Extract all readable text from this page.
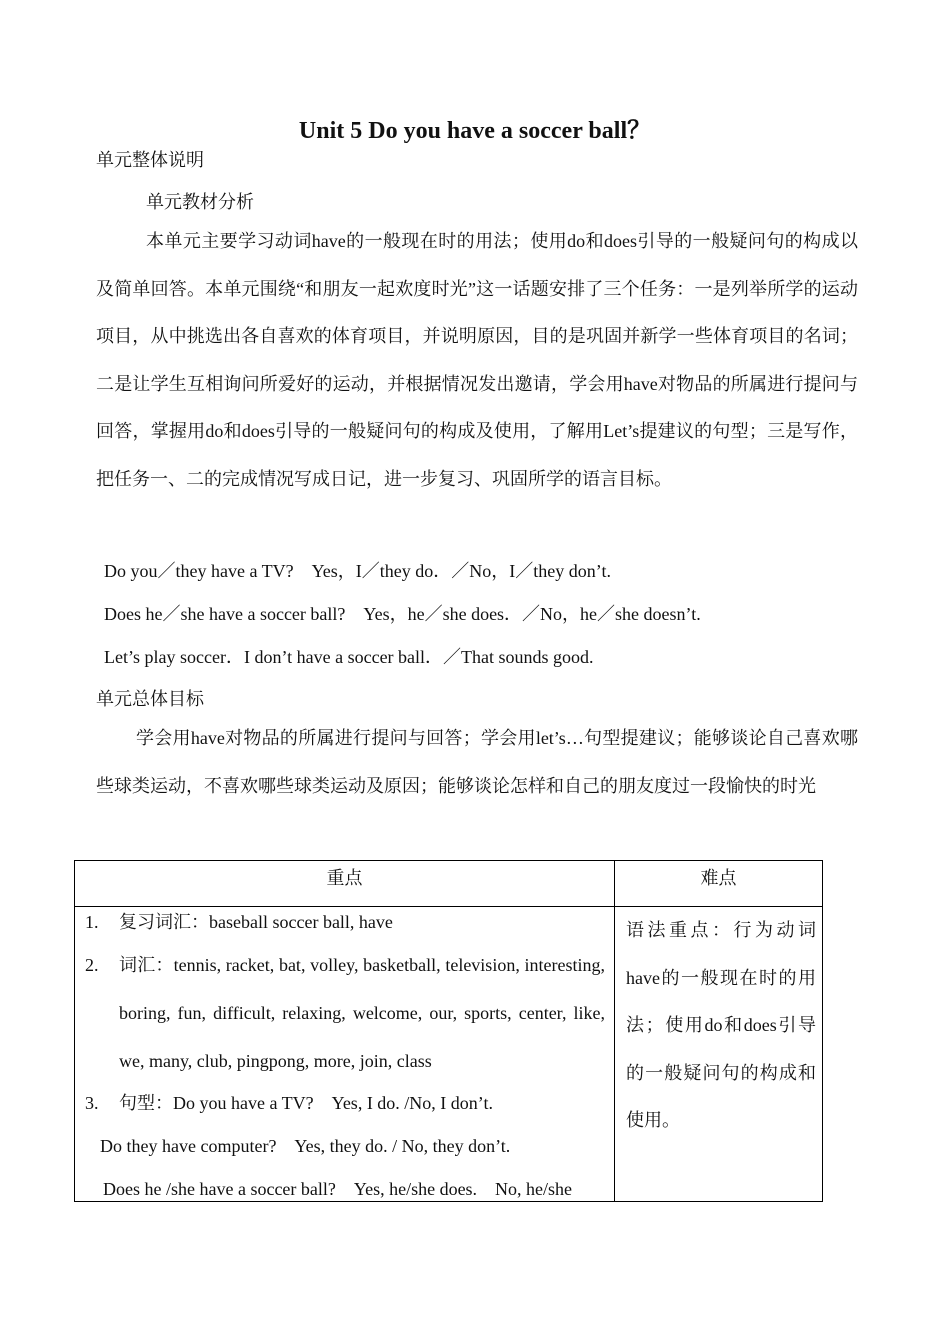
Unit 5 Do you have a soccer ball？
单元整体说明
单元教材分析
本单元主要学习动词have的一般现在时的用法；使用do和does引导的一般疑问句的构成以及简单回答。本单元围绕“和朋友一起欢度时光”这一话题安排了三个任务：一是列举所学的运动项目，从中挑选出各自喜欢的体育项目，并说明原因，目的是巩固并新学一些体育项目的名词；二是让学生互相询问所爱好的运动，并根据情况发出邀请，学会用have对物品的所属进行提问与回答，掌握用do和does引导的一般疑问句的构成及使用，了解用Let’s提建议的句型；三是写作，把任务一、二的完成情况写成日记，进一步复习、巩固所学的语言目标。
Do you／they have a TV?　Yes，I／they do．／No，I／they don’t.
Does he／she have a soccer ball?　Yes，he／she does．／No，he／she doesn’t.
Let’s play soccer．I don’t have a soccer ball．／That sounds good.
单元总体目标
学会用have对物品的所属进行提问与回答；学会用let’s…句型提建议；能够谈论自己喜欢哪些球类运动，不喜欢哪些球类运动及原因；能够谈论怎样和自己的朋友度过一段愉快的时光
重点	难点
1. 复习词汇：baseball soccer ball, have
2. 词汇：tennis, racket, bat, volley, basketball, television, interesting, boring, fun, difficult, relaxing, welcome, our, sports, center, like, we, many, club, pingpong, more, join, class
3. 句型：Do you have a TV?　Yes, I do. /No, I don’t.
Do they have computer?　Yes, they do. / No, they don’t.
Does he /she have a soccer ball?　Yes, he/she does.　No, he/she
语法重点：行为动词have的一般现在时的用法；使用do和does引导的一般疑问句的构成和使用。
